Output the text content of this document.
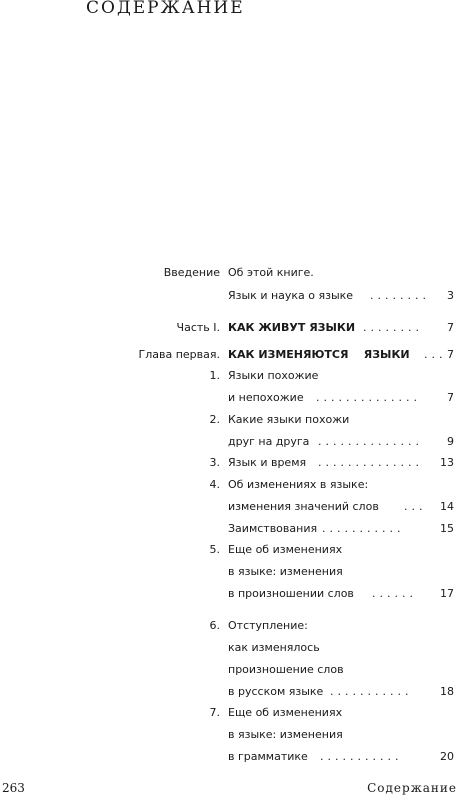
СОДЕРЖАНИЕ
Введение Об этой книге.
Язык и наука о языке ........ 3
Часть I. КАК ЖИВУТ ЯЗЫКИ ........ 7
Глава первая. КАК ИЗМЕНЯЮТСЯ    ЯЗЫКИ ... 7
1. Языки похожие
и непохожие .............. 7
2. Какие языки похожи
друг на друга .............. 9
3. Язык и время .............. 13
4. Об изменениях в языке:
изменения значений слов ... 14
Заимствования ...........	15
5. Еще об изменениях
в языке: изменения
в произношении слов ...... 17
6. Отступление:
как изменялось
произношение слов
в русском языке ...........	18
7. Еще об изменениях
в языке: изменения
в грамматике ...........	20
263	Содержание
